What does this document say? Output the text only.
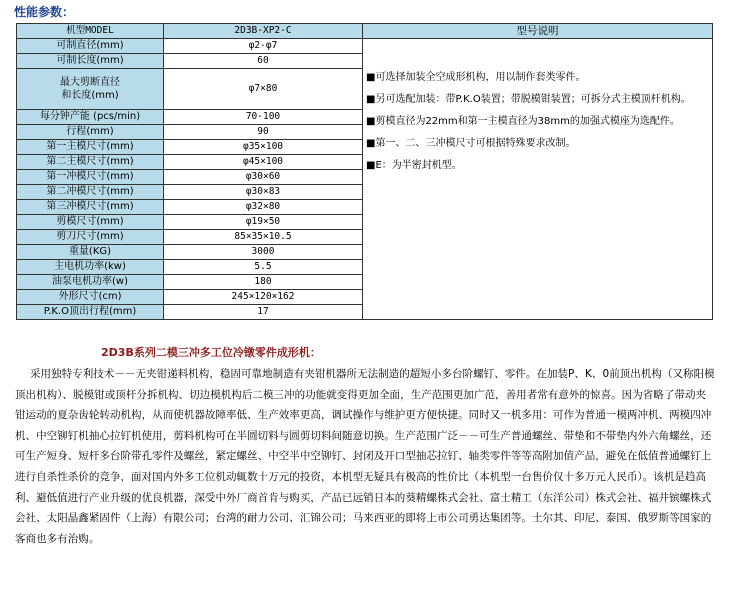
性能参数：
机型MODEL	2D3B-XP2-C	型号说明
可制直径(mm)	φ2-φ7	■可选择加装全空成形机构，用以制作套类零件。
■另可选配加装：带P.K.O装置；带脱模钳装置；可拆分式主模顶杆机构。
■剪模直径为22mm和第一主模直径为38mm的加强式模座为选配件。
■第一、二、三冲模尺寸可根据特殊要求改制。
■E：为半密封机型。

可制长度(mm)	60	
最大剪断直径
和长度(mm)	φ7×80	
每分钟产能 (pcs/min)	70-100	
行程(mm)	90	
第一主模尺寸(mm)	φ35×100	
第二主模尺寸(mm)	φ45×100	
第一冲模尺寸(mm)	φ30×60	
第二冲模尺寸(mm)	φ30×83	
第三冲模尺寸(mm)	φ32×80	
剪模尺寸(mm)	φ19×50	
剪刀尺寸(mm)	85×35×10.5	
重量(KG)	3000	
主电机功率(kw)	5.5	
油泵电机功率(w)	180	
外形尺寸(cm)	245×120×162	
P.K.O顶出行程(mm)	17	
2D3B系列二模三冲多工位冷镦零件成形机：
采用独特专利技术－－无夹钳递料机构，稳固可靠地制造有夹钳机器所无法制造的超短小多台阶螺钉、零件。在加装P、K、0前顶出机构（又称阳模顶出机构）、脱模钳或顶杆分拆机构、切边模机构后二模三冲的功能就变得更加全面，生产范围更加广范，善用者常有意外的惊喜。因为省略了带动夹钳运动的夏杂齿轮转动机构，从而使机器故障率低、生产效率更高，调试操作与维护更方便快捷。同时又一机多用：可作为普通一模两冲机、两模四冲机、中空铆钉机抽心拉钉机使用，剪料机构可在半圆切料与圆剪切料间随意切换。生产范围广泛－－可生产普通螺丝、带垫和不带垫内外六角螺丝，还可生产短身、短杆多台阶带孔零件及螺丝，紧定螺丝、中空半中空铆钉、封闭及开口型抽芯拉钉、轴类零件等等高附加值产品，避免在低值普通螺钉上进行自杀性杀价的竞争，面对国内外多工位机动辄数十万元的投资，本机型无疑具有极高的性价比（本机型一台售价仅十多万元人民币）。该机是趋高利、避低值进行产业升级的优良机器，深受中外厂商首肯与购买，产品已远销日本的葵精螺株式会社、富士精工（东洋公司）株式会社、福井镔螺株式会社、太阳晶鑫紧固件（上海）有限公司；台湾的耐力公司、汇锦公司；马来西亚的即将上市公司勇达集团等。土尔其、印尼、泰国、俄罗斯等国家的客商也多有治购。
